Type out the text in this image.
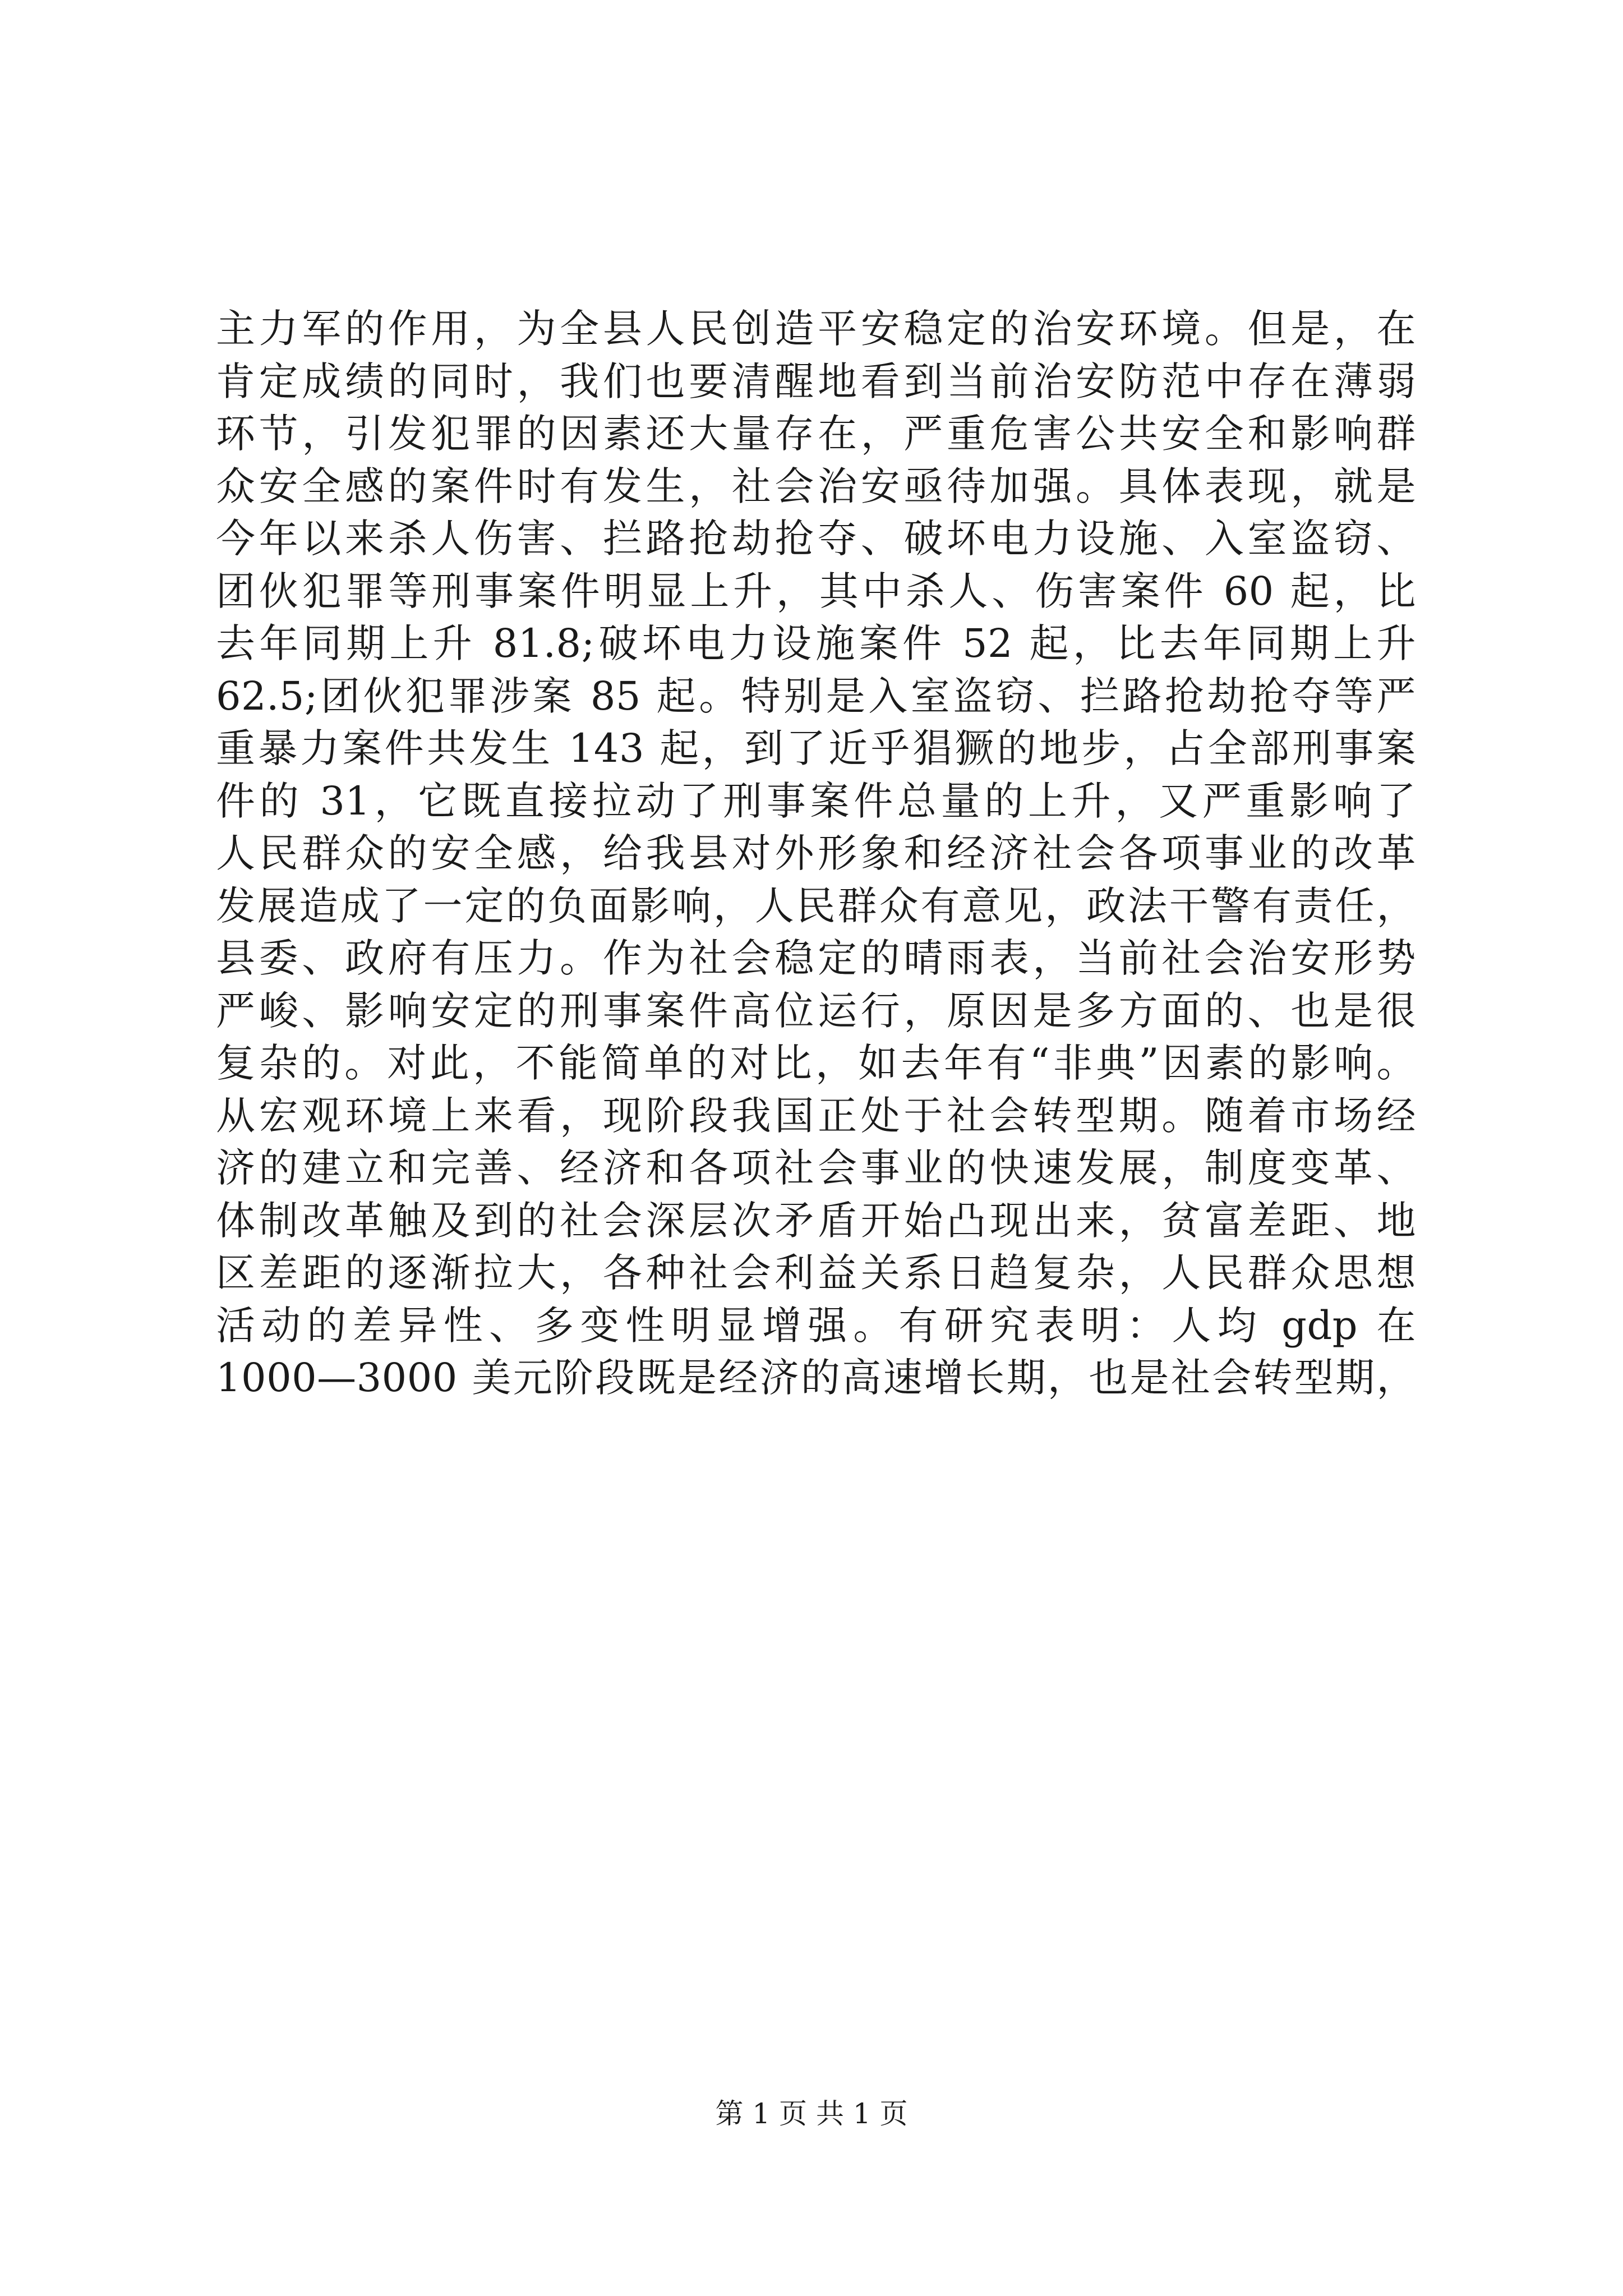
主力军的作用，为全县人民创造平安稳定的治安环境。但是，在
肯定成绩的同时，我们也要清醒地看到当前治安防范中存在薄弱
环节，引发犯罪的因素还大量存在，严重危害公共安全和影响群
众安全感的案件时有发生，社会治安亟待加强。具体表现，就是
今年以来杀人伤害、拦路抢劫抢夺、破坏电力设施、入室盗窃、
团伙犯罪等刑事案件明显上升，其中杀人、伤害案件 60 起，比
去年同期上升 81.8;破坏电力设施案件 52 起，比去年同期上升
62.5;团伙犯罪涉案 85 起。特别是入室盗窃、拦路抢劫抢夺等严
重暴力案件共发生 143 起，到了近乎猖獗的地步，占全部刑事案
件的 31，它既直接拉动了刑事案件总量的上升，又严重影响了
人民群众的安全感，给我县对外形象和经济社会各项事业的改革
发展造成了一定的负面影响，人民群众有意见，政法干警有责任，
县委、政府有压力。作为社会稳定的晴雨表，当前社会治安形势
严峻、影响安定的刑事案件高位运行，原因是多方面的、也是很
复杂的。对此，不能简单的对比，如去年有“非典”因素的影响。
从宏观环境上来看，现阶段我国正处于社会转型期。随着市场经
济的建立和完善、经济和各项社会事业的快速发展，制度变革、
体制改革触及到的社会深层次矛盾开始凸现出来，贫富差距、地
区差距的逐渐拉大，各种社会利益关系日趋复杂，人民群众思想
活动的差异性、多变性明显增强。有研究表明：人均 gdp 在
1000—3000 美元阶段既是经济的高速增长期，也是社会转型期，
第 1 页 共 1 页
